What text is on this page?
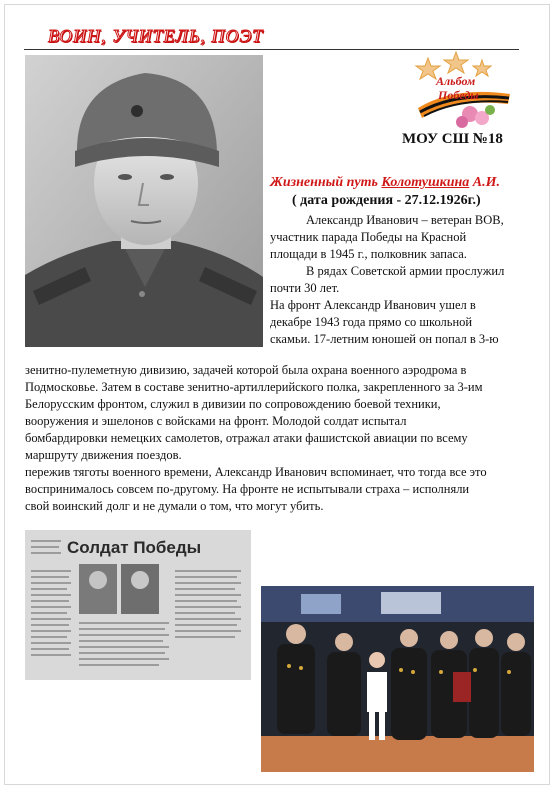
ВОИН, УЧИТЕЛЬ, ПОЭТ
Альбом
Победы
МОУ СШ №18
Жизненный путь Колотушкина А.И.
( дата рождения - 27.12.1926г.)
Александр Иванович – ветеран ВОВ,
участник парада Победы на Красной
площади в 1945 г., полковник запаса.
В рядах Советской армии прослужил
почти 30 лет.
На фронт Александр Иванович ушел в
декабре 1943 года прямо со школьной
скамьи. 17-летним юношей он попал в 3-ю
зенитно-пулеметную дивизию, задачей которой была охрана военного аэродрома в
Подмосковье. Затем в составе зенитно-артиллерийского полка, закрепленного за 3-им
Белорусским фронтом, служил в дивизии по сопровождению боевой техники,
вооружения и эшелонов с войсками на фронт. Молодой солдат испытал
бомбардировки немецких самолетов, отражал атаки фашистской авиации по всему
маршруту движения поездов.
пережив тяготы военного времени, Александр Иванович вспоминает, что тогда все это
воспринималось совсем по-другому. На фронте не испытывали страха – исполняли
свой воинский долг и не думали о том, что могут убить.
Солдат Победы
